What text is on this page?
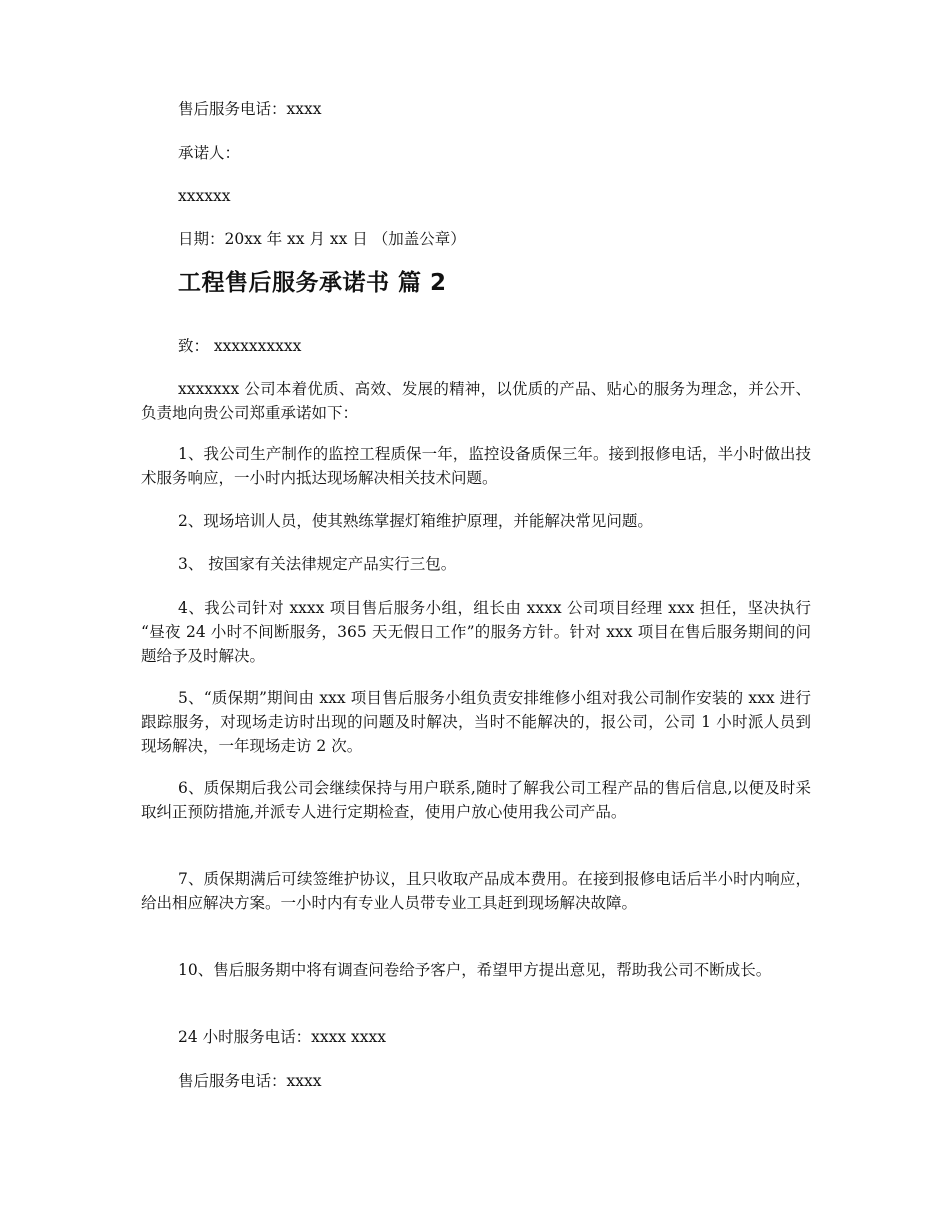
售后服务电话：xxxx
承诺人：
xxxxxx
日期：20xx 年 xx 月 xx 日 （加盖公章）
工程售后服务承诺书 篇 2
致： xxxxxxxxxx
xxxxxxx 公司本着优质、高效、发展的精神，以优质的产品、贴心的服务为理念，并公开、负责地向贵公司郑重承诺如下：
1、我公司生产制作的监控工程质保一年，监控设备质保三年。接到报修电话，半小时做出技术服务响应，一小时内抵达现场解决相关技术问题。
2、现场培训人员，使其熟练掌握灯箱维护原理，并能解决常见问题。
3、 按国家有关法律规定产品实行三包。
4、我公司针对 xxxx 项目售后服务小组，组长由 xxxx 公司项目经理 xxx 担任，坚决执行 “昼夜 24 小时不间断服务，365 天无假日工作”的服务方针。针对 xxx 项目在售后服务期间的问题给予及时解决。
5、“质保期”期间由 xxx 项目售后服务小组负责安排维修小组对我公司制作安装的 xxx 进行跟踪服务，对现场走访时出现的问题及时解决，当时不能解决的，报公司，公司 1 小时派人员到现场解决，一年现场走访 2 次。
6、质保期后我公司会继续保持与用户联系,随时了解我公司工程产品的售后信息,以便及时采取纠正预防措施,并派专人进行定期检查，使用户放心使用我公司产品。
7、质保期满后可续签维护协议，且只收取产品成本费用。在接到报修电话后半小时内响应，给出相应解决方案。一小时内有专业人员带专业工具赶到现场解决故障。
10、售后服务期中将有调查问卷给予客户，希望甲方提出意见，帮助我公司不断成长。
24 小时服务电话：xxxx xxxx
售后服务电话：xxxx
